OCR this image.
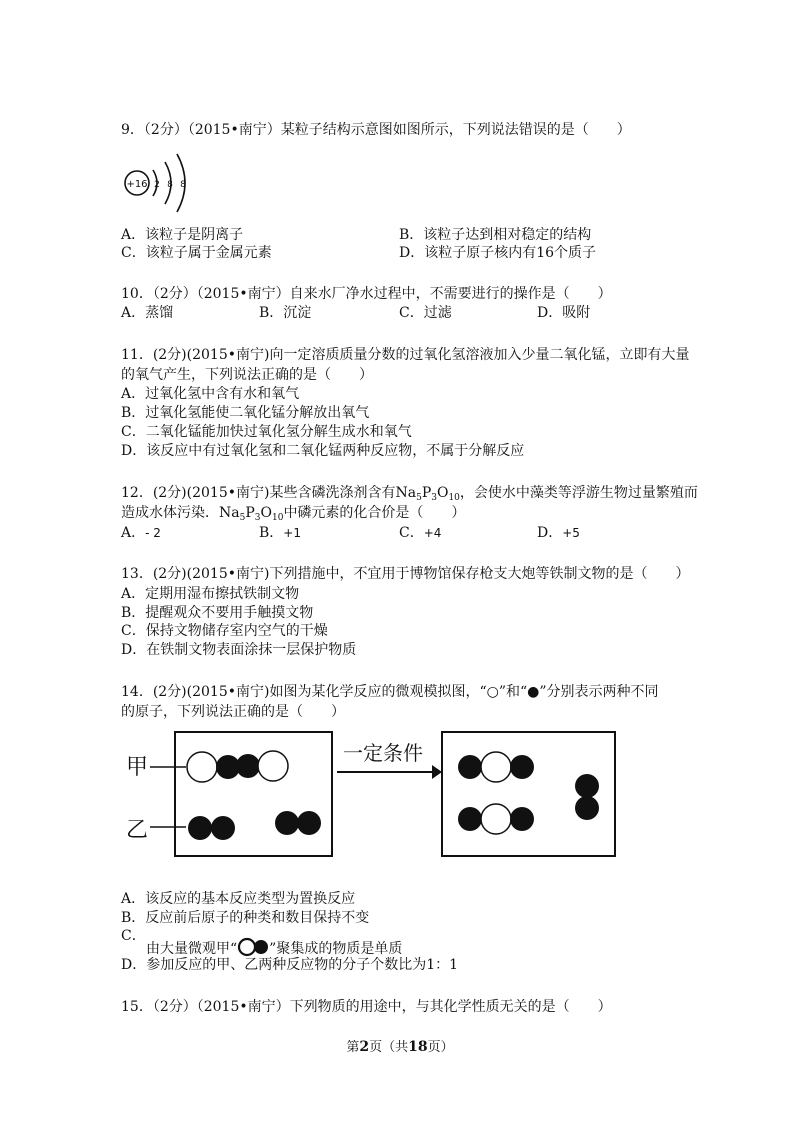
9．（2分）（2015•南宁）某粒子结构示意图如图所示，下列说法错误的是（　　）
+16 2 8 8
A．该粒子是阴离子	B．该粒子达到相对稳定的结构
C．该粒子属于金属元素	D．该粒子原子核内有16个质子
10．（2分）（2015•南宁）自来水厂净水过程中，不需要进行的操作是（　　）
A．蒸馏	B．沉淀	C．过滤	D．吸附
11．(2分)(2015•南宁)向一定溶质质量分数的过氧化氢溶液加入少量二氧化锰，立即有大量
的氧气产生，下列说法正确的是（　　）
A．过氧化氢中含有水和氧气
B．过氧化氢能使二氧化锰分解放出氧气
C．二氧化锰能加快过氧化氢分解生成水和氧气
D．该反应中有过氧化氢和二氧化锰两种反应物，不属于分解反应
12．(2分)(2015•南宁)某些含磷洗涤剂含有$Na_5P_3O_{10}$，会使水中藻类等浮游生物过量繁殖而
造成水体污染．$Na_5P_3O_{10}$中磷元素的化合价是（　　）
A．- 2	B．+1	C．+4	D．+5
13．(2分)(2015•南宁)下列措施中，不宜用于博物馆保存枪支大炮等铁制文物的是（　　）
A．定期用湿布擦拭铁制文物
B．提醒观众不要用手触摸文物
C．保持文物储存室内空气的干燥
D．在铁制文物表面涂抹一层保护物质
14．(2分)(2015•南宁)如图为某化学反应的微观模拟图，“○”和“●”分别表示两种不同
的原子，下列说法正确的是（　　）
甲
乙
一定条件
A．该反应的基本反应类型为置换反应
B．反应前后原子的种类和数目保持不变
C．
由大量微观甲“ ”聚集成的物质是单质
D．参加反应的甲、乙两种反应物的分子个数比为1：1
15．（2分）（2015•南宁）下列物质的用途中，与其化学性质无关的是（　　）
第2页（共18页）
